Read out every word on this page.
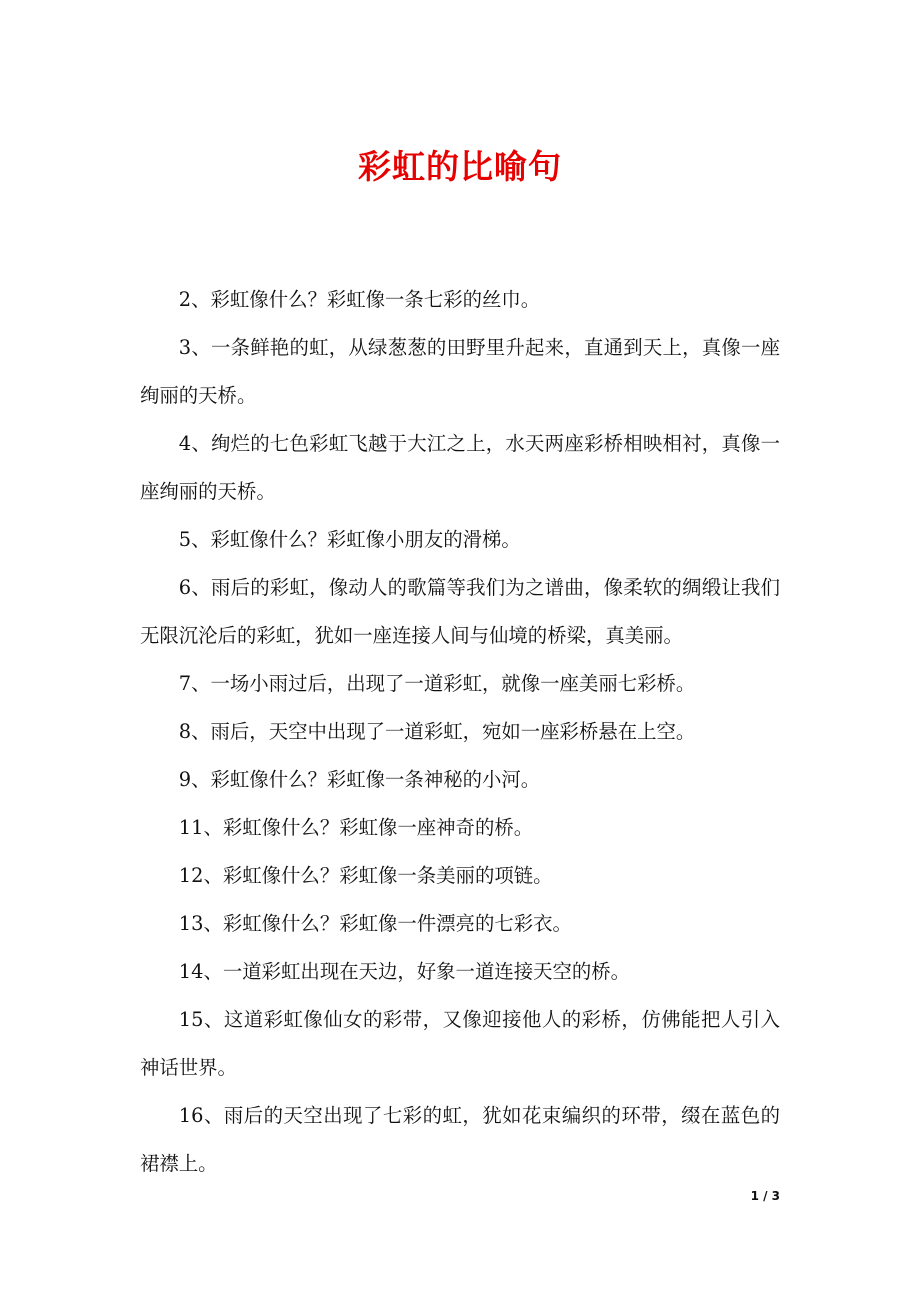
彩虹的比喻句

2、彩虹像什么？彩虹像一条七彩的丝巾。

3、一条鲜艳的虹，从绿葱葱的田野里升起来，直通到天上，真像一座绚丽的天桥。

4、绚烂的七色彩虹飞越于大江之上，水天两座彩桥相映相衬，真像一座绚丽的天桥。

5、彩虹像什么？彩虹像小朋友的滑梯。

6、雨后的彩虹，像动人的歌篇等我们为之谱曲，像柔软的绸缎让我们无限沉沦后的彩虹，犹如一座连接人间与仙境的桥梁，真美丽。

7、一场小雨过后，出现了一道彩虹，就像一座美丽七彩桥。

8、雨后，天空中出现了一道彩虹，宛如一座彩桥悬在上空。

9、彩虹像什么？彩虹像一条神秘的小河。

11、彩虹像什么？彩虹像一座神奇的桥。

12、彩虹像什么？彩虹像一条美丽的项链。

13、彩虹像什么？彩虹像一件漂亮的七彩衣。

14、一道彩虹出现在天边，好象一道连接天空的桥。

15、这道彩虹像仙女的彩带，又像迎接他人的彩桥，仿佛能把人引入神话世界。

16、雨后的天空出现了七彩的虹，犹如花束编织的环带，缀在蓝色的裙襟上。

1 / 3
